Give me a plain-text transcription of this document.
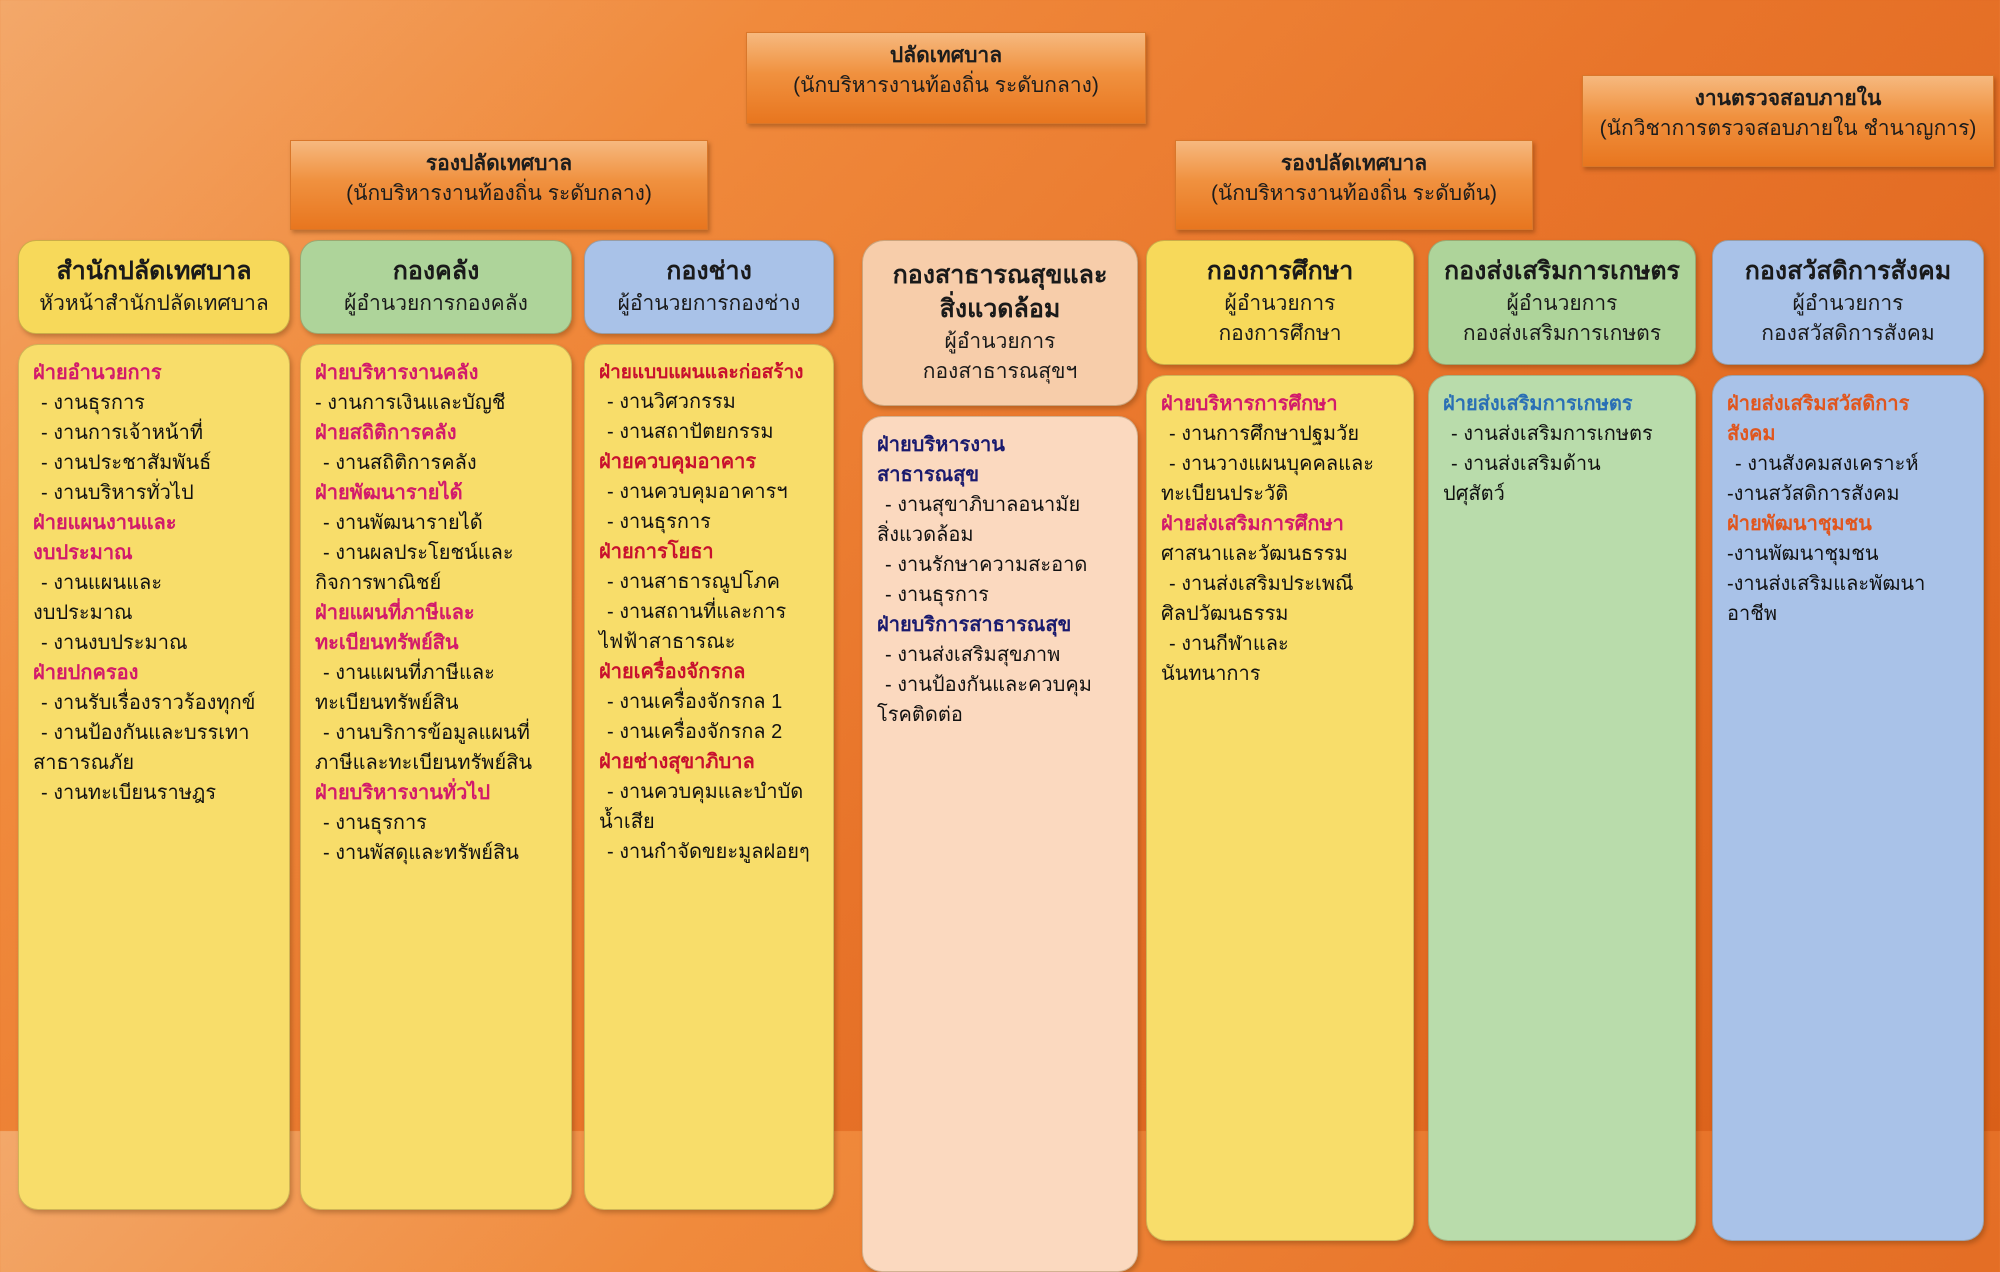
ปลัดเทศบาล
(นักบริหารงานท้องถิ่น ระดับกลาง)
รองปลัดเทศบาล
(นักบริหารงานท้องถิ่น ระดับกลาง)
รองปลัดเทศบาล
(นักบริหารงานท้องถิ่น ระดับต้น)
งานตรวจสอบภายใน
(นักวิชาการตรวจสอบภายใน ชำนาญการ)
สำนักปลัดเทศบาล
หัวหน้าสำนักปลัดเทศบาล
ฝ่ายอำนวยการ
- งานธุรการ
- งานการเจ้าหน้าที่
- งานประชาสัมพันธ์
- งานบริหารทั่วไป
ฝ่ายแผนงานและ
งบประมาณ
- งานแผนและ
งบประมาณ
- งานงบประมาณ
ฝ่ายปกครอง
- งานรับเรื่องราวร้องทุกข์
- งานป้องกันและบรรเทา
สาธารณภัย
- งานทะเบียนราษฎร
กองคลัง
ผู้อำนวยการกองคลัง
ฝ่ายบริหารงานคลัง
- งานการเงินและบัญชี
ฝ่ายสถิติการคลัง
- งานสถิติการคลัง
ฝ่ายพัฒนารายได้
- งานพัฒนารายได้
- งานผลประโยชน์และ
กิจการพาณิชย์
ฝ่ายแผนที่ภาษีและ
ทะเบียนทรัพย์สิน
- งานแผนที่ภาษีและ
ทะเบียนทรัพย์สิน
- งานบริการข้อมูลแผนที่
ภาษีและทะเบียนทรัพย์สิน
ฝ่ายบริหารงานทั่วไป
- งานธุรการ
- งานพัสดุและทรัพย์สิน
กองช่าง
ผู้อำนวยการกองช่าง
ฝ่ายแบบแผนและก่อสร้าง
- งานวิศวกรรม
- งานสถาปัตยกรรม
ฝ่ายควบคุมอาคาร
- งานควบคุมอาคารฯ
- งานธุรการ
ฝ่ายการโยธา
- งานสาธารณูปโภค
- งานสถานที่และการ
ไฟฟ้าสาธารณะ
ฝ่ายเครื่องจักรกล
- งานเครื่องจักรกล 1
- งานเครื่องจักรกล 2
ฝ่ายช่างสุขาภิบาล
- งานควบคุมและบำบัด
น้ำเสีย
- งานกำจัดขยะมูลฝอยๆ
กองสาธารณสุขและ
สิ่งแวดล้อม
ผู้อำนวยการ
กองสาธารณสุขฯ
ฝ่ายบริหารงาน
สาธารณสุข
- งานสุขาภิบาลอนามัย
สิ่งแวดล้อม
- งานรักษาความสะอาด
- งานธุรการ
ฝ่ายบริการสาธารณสุข
- งานส่งเสริมสุขภาพ
- งานป้องกันและควบคุม
โรคติดต่อ
กองการศึกษา
ผู้อำนวยการ
กองการศึกษา
ฝ่ายบริหารการศึกษา
- งานการศึกษาปฐมวัย
- งานวางแผนบุคคลและ
ทะเบียนประวัติ
ฝ่ายส่งเสริมการศึกษา
ศาสนาและวัฒนธรรม
- งานส่งเสริมประเพณี
ศิลปวัฒนธรรม
- งานกีฬาและ
นันทนาการ
กองส่งเสริมการเกษตร
ผู้อำนวยการ
กองส่งเสริมการเกษตร
ฝ่ายส่งเสริมการเกษตร
- งานส่งเสริมการเกษตร
- งานส่งเสริมด้าน
ปศุสัตว์
กองสวัสดิการสังคม
ผู้อำนวยการ
กองสวัสดิการสังคม
ฝ่ายส่งเสริมสวัสดิการ
สังคม
- งานสังคมสงเคราะห์
-งานสวัสดิการสังคม
ฝ่ายพัฒนาชุมชน
-งานพัฒนาชุมชน
-งานส่งเสริมและพัฒนา
อาชีพ
